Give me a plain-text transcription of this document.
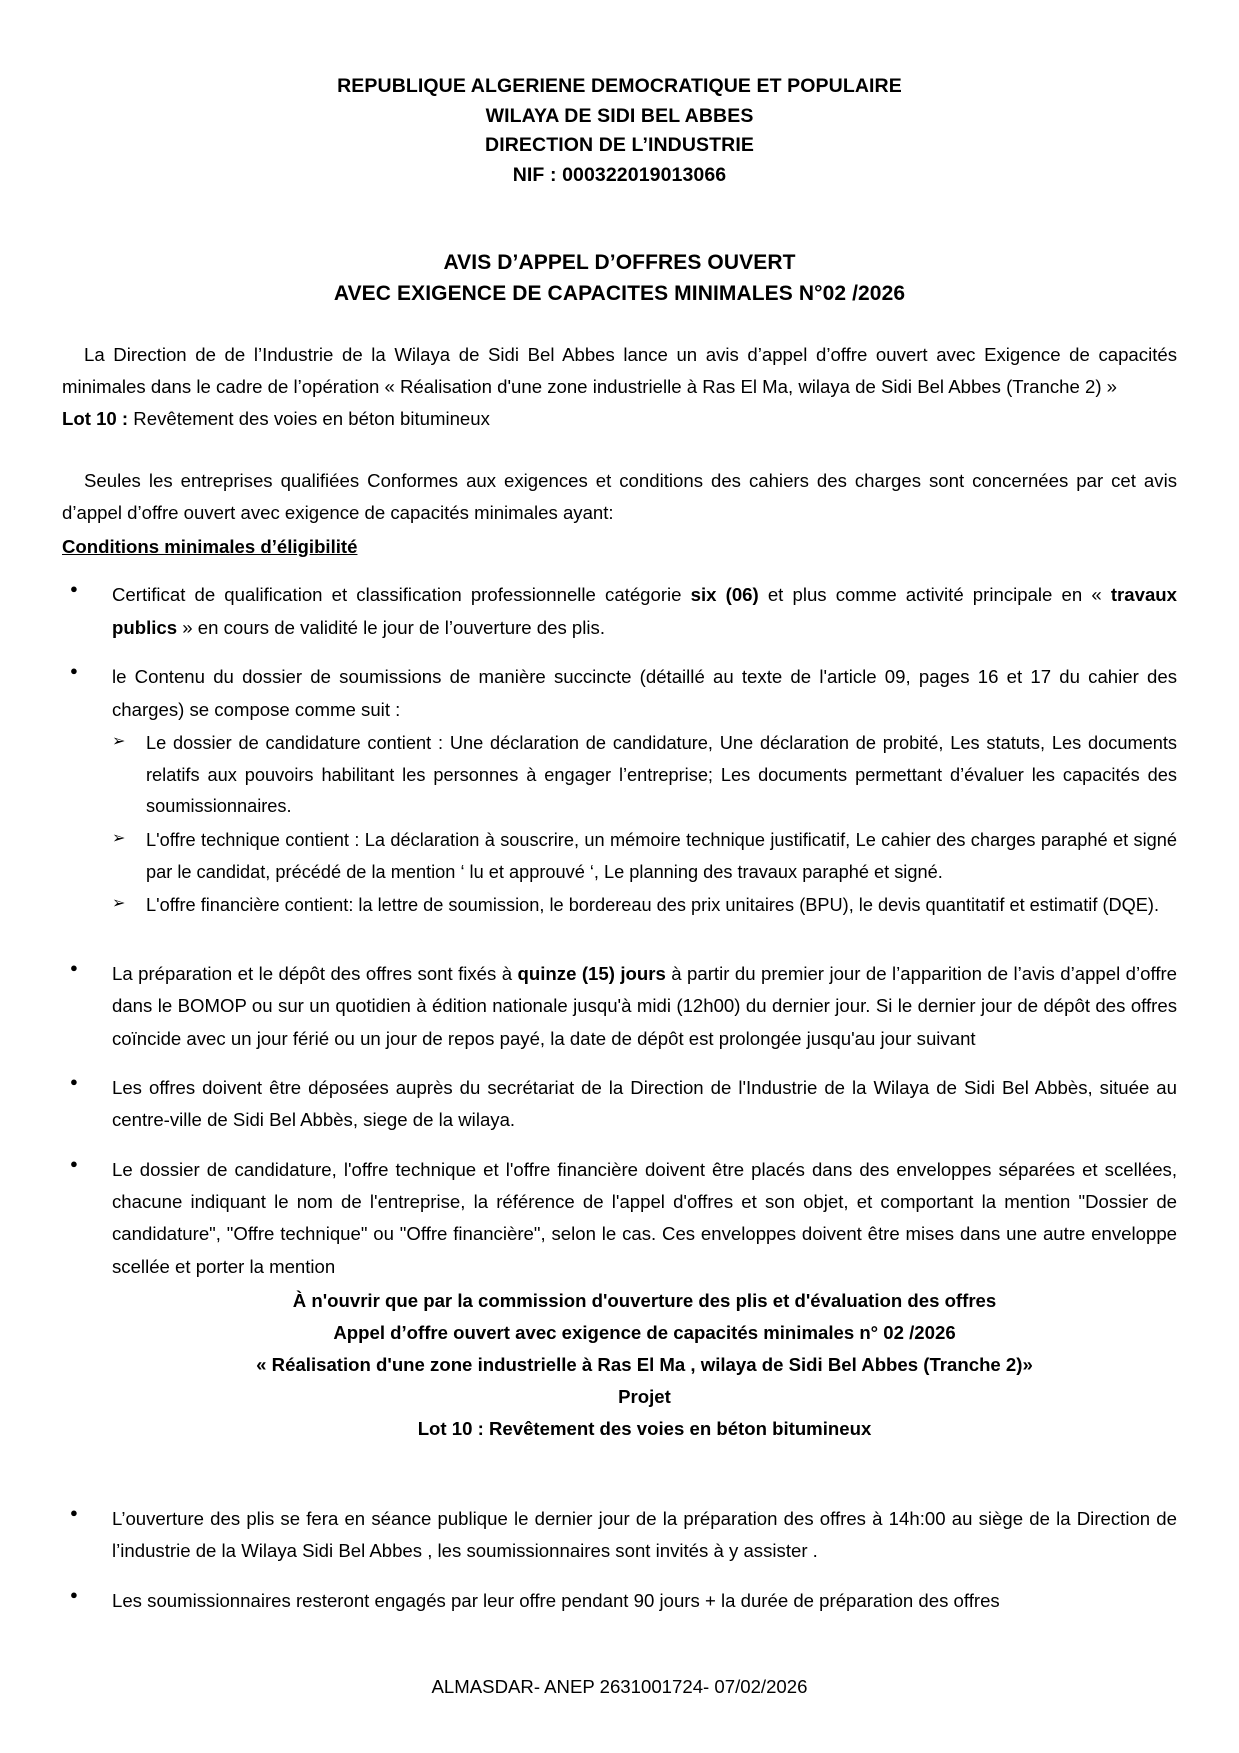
REPUBLIQUE ALGERIENE DEMOCRATIQUE ET POPULAIRE
WILAYA DE SIDI BEL ABBES
DIRECTION DE L’INDUSTRIE
NIF : 000322019013066
AVIS D’APPEL D’OFFRES OUVERT
AVEC EXIGENCE DE CAPACITES MINIMALES N°02 /2026
La Direction de de l’Industrie de la Wilaya de Sidi Bel Abbes lance un avis d’appel d’offre ouvert avec Exigence de capacités minimales dans le cadre de l’opération « Réalisation d'une zone industrielle à Ras El Ma, wilaya de Sidi Bel Abbes (Tranche 2) »
Lot 10 : Revêtement des voies en béton bitumineux
Seules les entreprises qualifiées Conformes aux exigences et conditions des cahiers des charges sont concernées par cet avis d’appel d’offre ouvert avec exigence de capacités minimales ayant:
Conditions minimales d’éligibilité
● Certificat de qualification et classification professionnelle catégorie six (06) et plus comme activité principale en « travaux publics » en cours de validité le jour de l’ouverture des plis.
● le Contenu du dossier de soumissions de manière succincte (détaillé au texte de l'article 09, pages 16 et 17 du cahier des charges) se compose comme suit :
➢ Le dossier de candidature contient : Une déclaration de candidature, Une déclaration de probité, Les statuts, Les documents relatifs aux pouvoirs habilitant les personnes à engager l’entreprise; Les documents permettant d’évaluer les capacités des soumissionnaires.
➢ L'offre technique contient : La déclaration à souscrire, un mémoire technique justificatif, Le cahier des charges paraphé et signé par le candidat, précédé de la mention ‘ lu et approuvé ‘, Le planning des travaux paraphé et signé.
➢ L'offre financière contient: la lettre de soumission, le bordereau des prix unitaires (BPU), le devis quantitatif et estimatif (DQE).
● La préparation et le dépôt des offres sont fixés à quinze (15) jours à partir du premier jour de l’apparition de l’avis d’appel d’offre dans le BOMOP ou sur un quotidien à édition nationale jusqu'à midi (12h00) du dernier jour. Si le dernier jour de dépôt des offres coïncide avec un jour férié ou un jour de repos payé, la date de dépôt est prolongée jusqu'au jour suivant
● Les offres doivent être déposées auprès du secrétariat de la Direction de l'Industrie de la Wilaya de Sidi Bel Abbès, située au centre-ville de Sidi Bel Abbès, siege de la wilaya.
● Le dossier de candidature, l'offre technique et l'offre financière doivent être placés dans des enveloppes séparées et scellées, chacune indiquant le nom de l'entreprise, la référence de l'appel d'offres et son objet, et comportant la mention "Dossier de candidature", "Offre technique" ou "Offre financière", selon le cas. Ces enveloppes doivent être mises dans une autre enveloppe scellée et porter la mention
À n'ouvrir que par la commission d'ouverture des plis et d'évaluation des offres
Appel d’offre ouvert avec exigence de capacités minimales n° 02 /2026
« Réalisation d'une zone industrielle à Ras El Ma , wilaya de Sidi Bel Abbes (Tranche 2)»
Projet
Lot 10 : Revêtement des voies en béton bitumineux
● L’ouverture des plis se fera en séance publique le dernier jour de la préparation des offres à 14h:00 au siège de la Direction de l’industrie de la Wilaya Sidi Bel Abbes , les soumissionnaires sont invités à y assister .
● Les soumissionnaires resteront engagés par leur offre pendant 90 jours + la durée de préparation des offres
ALMASDAR- ANEP 2631001724- 07/02/2026
